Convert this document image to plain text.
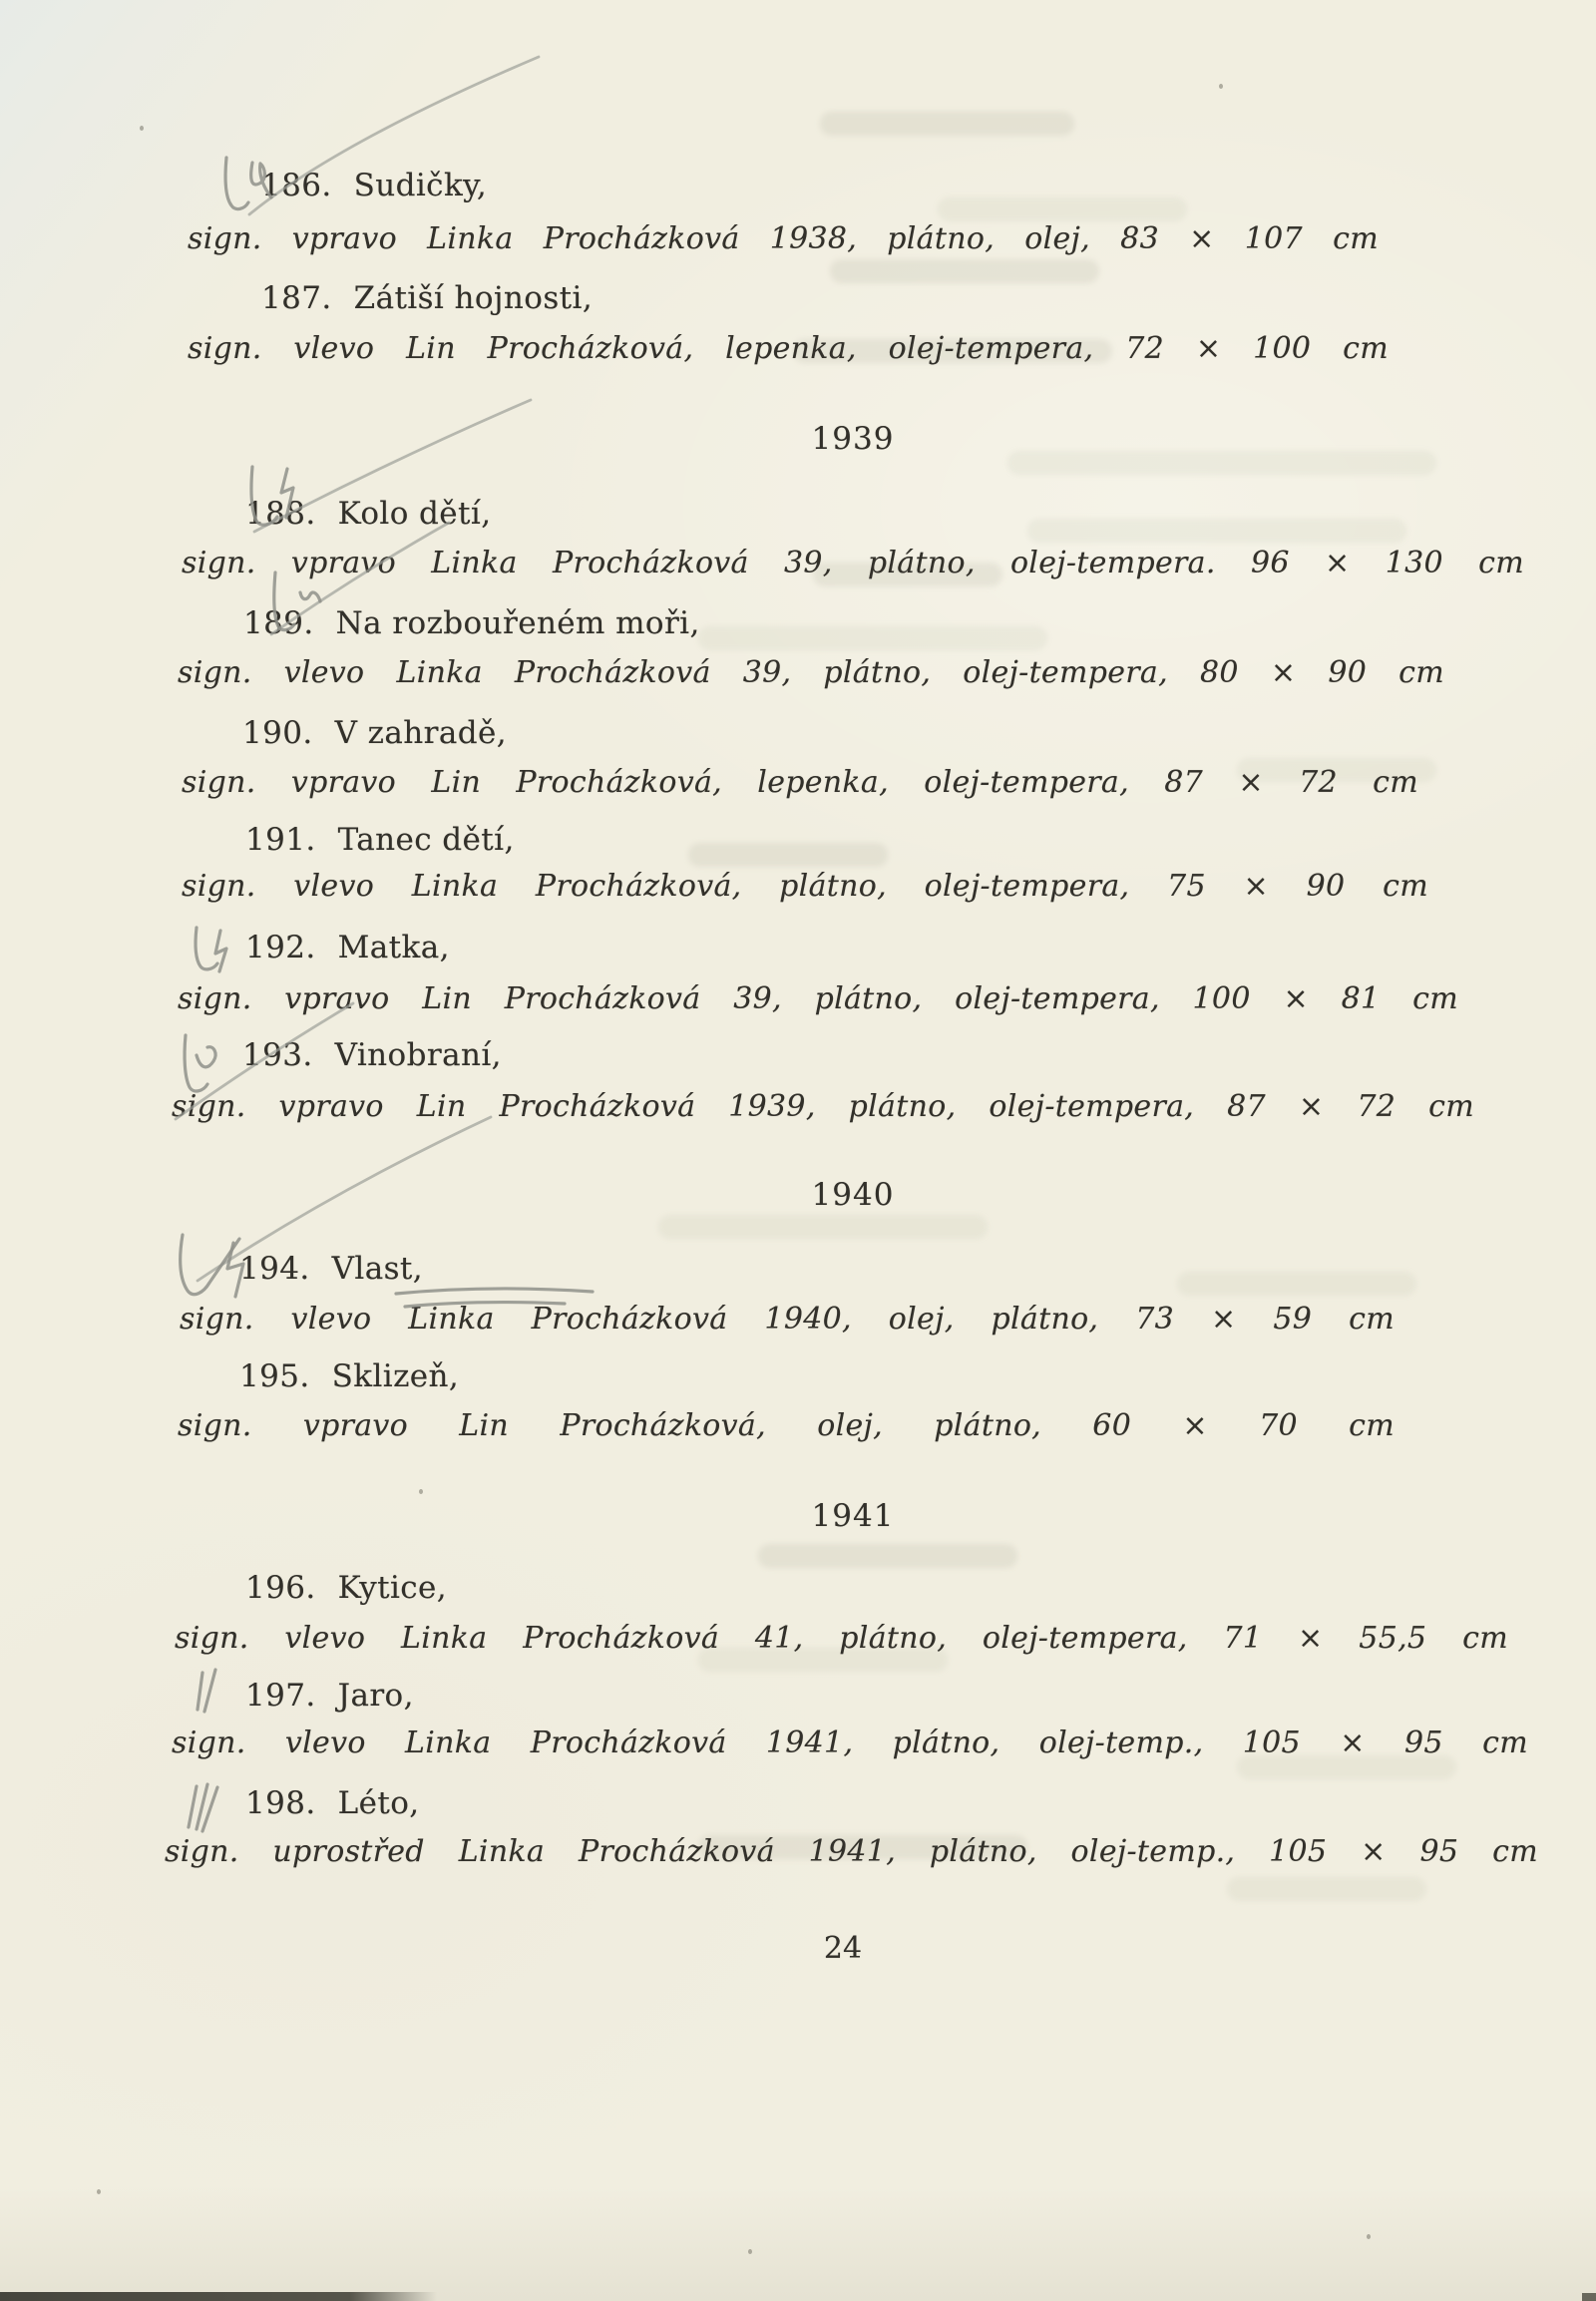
186. Sudičky,
sign. vpravo Linka Procházková 1938, plátno, olej, 83 × 107 cm
187. Zátiší hojnosti,
sign. vlevo Lin Procházková, lepenka, olej-tempera, 72 × 100 cm
1939
188. Kolo dětí,
sign. vpravo Linka Procházková 39, plátno, olej-tempera. 96 × 130 cm
189. Na rozbouřeném moři,
sign. vlevo Linka Procházková 39, plátno, olej-tempera, 80 × 90 cm
190. V zahradě,
sign. vpravo Lin Procházková, lepenka, olej-tempera, 87 × 72 cm
191. Tanec dětí,
sign. vlevo Linka Procházková, plátno, olej-tempera, 75 × 90 cm
192. Matka,
sign. vpravo Lin Procházková 39, plátno, olej-tempera, 100 × 81 cm
193. Vinobraní,
sign. vpravo Lin Procházková 1939, plátno, olej-tempera, 87 × 72 cm
1940
194. Vlast,
sign. vlevo Linka Procházková 1940, olej, plátno, 73 × 59 cm
195. Sklizeň,
sign. vpravo Lin Procházková, olej, plátno, 60 × 70 cm
1941
196. Kytice,
sign. vlevo Linka Procházková 41, plátno, olej-tempera, 71 × 55,5 cm
197. Jaro,
sign. vlevo Linka Procházková 1941, plátno, olej-temp., 105 × 95 cm
198. Léto,
sign. uprostřed Linka Procházková 1941, plátno, olej-temp., 105 × 95 cm
24
